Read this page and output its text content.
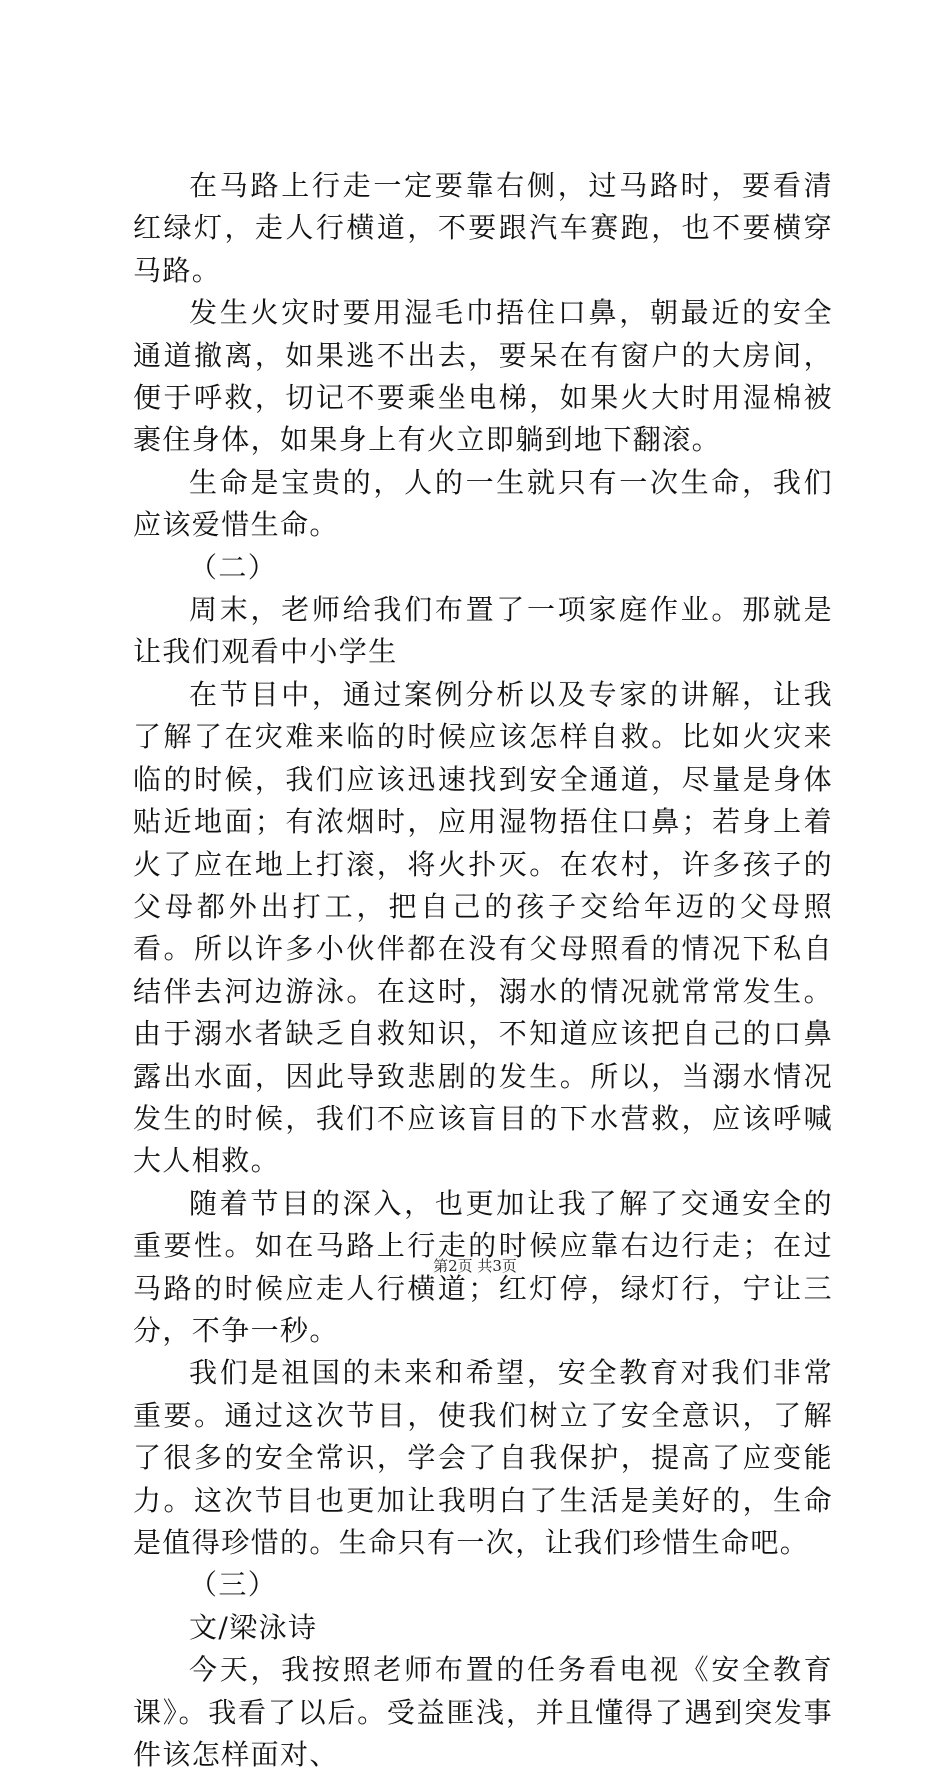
在马路上行走一定要靠右侧，过马路时，要看清红绿灯，走人行横道，不要跟汽车赛跑，也不要横穿马路。

发生火灾时要用湿毛巾捂住口鼻，朝最近的安全通道撤离，如果逃不出去，要呆在有窗户的大房间，便于呼救，切记不要乘坐电梯，如果火大时用湿棉被裹住身体，如果身上有火立即躺到地下翻滚。

生命是宝贵的，人的一生就只有一次生命，我们应该爱惜生命。

（二）

周末，老师给我们布置了一项家庭作业。那就是让我们观看中小学生

在节目中，通过案例分析以及专家的讲解，让我了解了在灾难来临的时候应该怎样自救。比如火灾来临的时候，我们应该迅速找到安全通道，尽量是身体贴近地面；有浓烟时，应用湿物捂住口鼻；若身上着火了应在地上打滚，将火扑灭。在农村，许多孩子的父母都外出打工，把自己的孩子交给年迈的父母照看。所以许多小伙伴都在没有父母照看的情况下私自结伴去河边游泳。在这时，溺水的情况就常常发生。由于溺水者缺乏自救知识，不知道应该把自己的口鼻露出水面，因此导致悲剧的发生。所以，当溺水情况发生的时候，我们不应该盲目的下水营救，应该呼喊大人相救。

随着节目的深入，也更加让我了解了交通安全的重要性。如在马路上行走的时候应靠右边行走；在过马路的时候应走人行横道；红灯停，绿灯行，宁让三分，不争一秒。

我们是祖国的未来和希望，安全教育对我们非常重要。通过这次节目，使我们树立了安全意识，了解了很多的安全常识，学会了自我保护，提高了应变能力。这次节目也更加让我明白了生活是美好的，生命是值得珍惜的。生命只有一次，让我们珍惜生命吧。

（三）

文/梁泳诗

今天，我按照老师布置的任务看电视《安全教育课》。我看了以后。受益匪浅，并且懂得了遇到突发事件该怎样面对、

第2页 共3页
